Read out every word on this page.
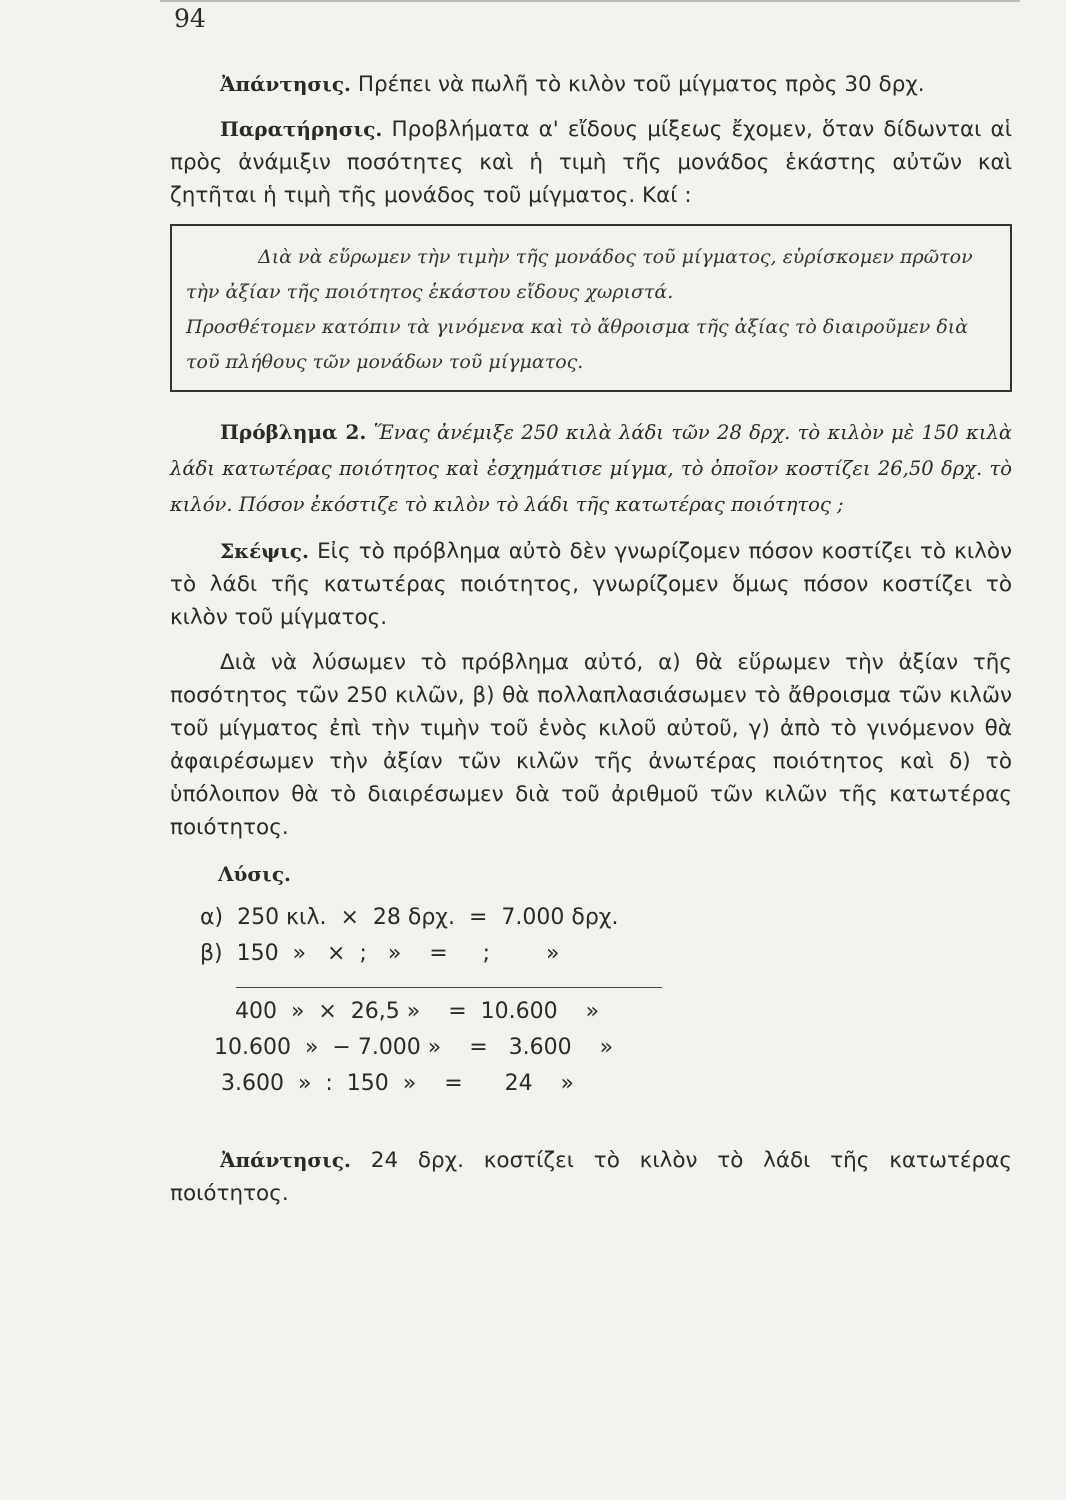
94

Ἀπάντησις. Πρέπει νὰ πωλῆ τὸ κιλὸν τοῦ μίγματος πρὸς 30 δρχ.

Παρατήρησις. Προβλήματα α' εἴδους μίξεως ἔχομεν, ὅταν δίδωνται αἱ πρὸς ἀνάμιξιν ποσότητες καὶ ἡ τιμὴ τῆς μονάδος ἑκάστης αὐτῶν καὶ ζητῆται ἡ τιμὴ τῆς μονάδος τοῦ μίγματος. Καί :

Διὰ νὰ εὕρωμεν τὴν τιμὴν τῆς μονάδος τοῦ μίγματος, εὑρίσκομεν πρῶτον τὴν ἀξίαν τῆς ποιότητος ἑκάστου εἴδους χωριστά.
Προσθέτομεν κατόπιν τὰ γινόμενα καὶ τὸ ἄθροισμα τῆς ἀξίας τὸ διαιροῦμεν διὰ τοῦ πλήθους τῶν μονάδων τοῦ μίγματος.

Πρόβλημα 2. Ἕνας ἀνέμιξε 250 κιλὰ λάδι τῶν 28 δρχ. τὸ κιλὸν μὲ 150 κιλὰ λάδι κατωτέρας ποιότητος καὶ ἐσχημάτισε μίγμα, τὸ ὁποῖον κοστίζει 26,50 δρχ. τὸ κιλόν. Πόσον ἐκόστιζε τὸ κιλὸν τὸ λάδι τῆς κατωτέρας ποιότητος ;

Σκέψις. Εἰς τὸ πρόβλημα αὐτὸ δὲν γνωρίζομεν πόσον κοστίζει τὸ κιλὸν τὸ λάδι τῆς κατωτέρας ποιότητος, γνωρίζομεν ὅμως πόσον κοστίζει τὸ κιλὸν τοῦ μίγματος.

Διὰ νὰ λύσωμεν τὸ πρόβλημα αὐτό, α) θὰ εὕρωμεν τὴν ἀξίαν τῆς ποσότητος τῶν 250 κιλῶν, β) θὰ πολλαπλασιάσωμεν τὸ ἄθροισμα τῶν κιλῶν τοῦ μίγματος ἐπὶ τὴν τιμὴν τοῦ ἑνὸς κιλοῦ αὐτοῦ, γ) ἀπὸ τὸ γινόμενον θὰ ἀφαιρέσωμεν τὴν ἀξίαν τῶν κιλῶν τῆς ἀνωτέρας ποιότητος καὶ δ) τὸ ὑπόλοιπον θὰ τὸ διαιρέσωμεν διὰ τοῦ ἀριθμοῦ τῶν κιλῶν τῆς κατωτέρας ποιότητος.

Λύσις.
α)  250 κιλ.  ×  28 δρχ.  =  7.000 δρχ.
β)  150  »   ×  ;   »    =     ;        »
400  »  ×  26,5 »    =  10.600    »
10.600  »  − 7.000 »    =   3.600    »
3.600  »  :  150  »    =      24    »

Ἀπάντησις. 24 δρχ. κοστίζει τὸ κιλὸν τὸ λάδι τῆς κατωτέρας ποιότητος.
